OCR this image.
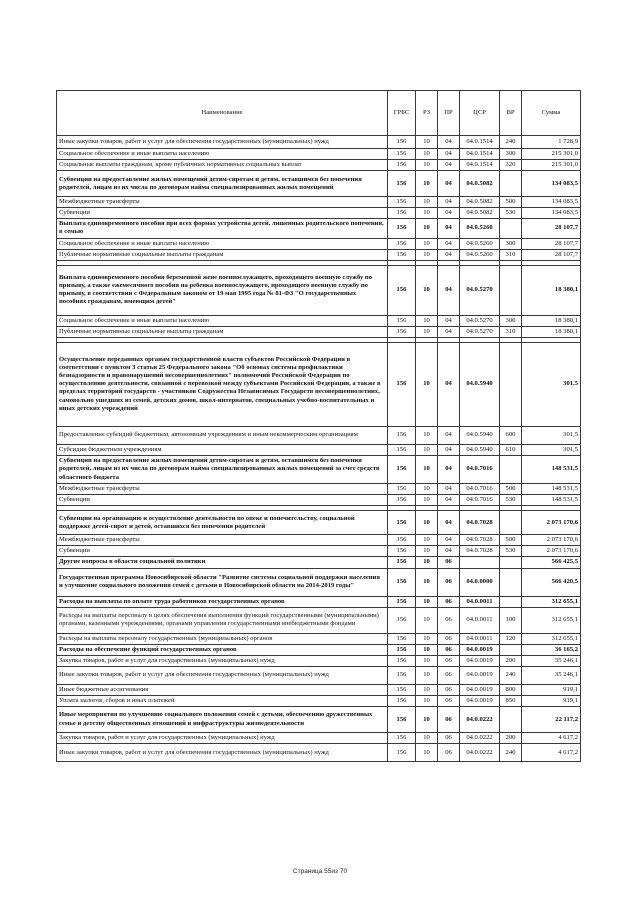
Наименование	ГРБС	РЗ	ПР	ЦСР	ВР	Сумма
Иные закупки товаров, работ и услуг для обеспечения государственных (муниципальных) нужд	156	10	04	04.0.1514	240	1 728,9
Социальное обеспечение и иные выплаты населению	156	10	04	04.0.1514	300	215 301,0
Социальные выплаты гражданам, кроме публичных нормативных социальных выплат	156	10	04	04.0.1514	320	215 301,0
Субвенции на предоставление жилых помещений детям-сиротам и детям, оставшимся без попечения родителей, лицам из их числа по договорам найма специализированных жилых помещений	156	10	04	04.0.5082		134 083,5
Межбюджетные трансферты	156	10	04	04.0.5082	500	134 083,5
Субвенции	156	10	04	04.0.5082	530	134 083,5
Выплата единовременного пособия при всех формах устройства детей, лишенных родительского попечения, в семью	156	10	04	04.0.5260		28 107,7
Социальное обеспечение и иные выплаты населению	156	10	04	04.0.5260	300	28 107,7
Публичные нормативные социальные выплаты гражданам	156	10	04	04.0.5260	310	28 107,7

Выплата единовременного пособия беременной жене военнослужащего, проходящего военную службу по призыву, а также ежемесячного пособия на ребенка военнослужащего, проходящего военную службу по призыву, в соответствии с Федеральным законом от 19 мая 1995 года № 81-ФЗ "О государственных пособиях гражданам, имеющим детей"	156	10	04	04.0.5270		18 380,1
Социальное обеспечение и иные выплаты населению	156	10	04	04.0.5270	300	18 380,1
Публичные нормативные социальные выплаты гражданам	156	10	04	04.0.5270	310	18 380,1

Осуществление переданных органам государственной власти субъектов Российской Федерации в соответствии с пунктом 3 статьи 25 Федерального закона "Об основах системы профилактики безнадзорности и правонарушений несовершеннолетних" полномочий Российской Федерации по осуществлению деятельности, связанной с перевозкой между субъектами Российской Федерации, а также в пределах территорий государств - участников Содружества Независимых Государств несовершеннолетних, самовольно ушедших из семей, детских домов, школ-интернатов, специальных учебно-воспитательных и иных детских учреждений	156	10	04	04.0.5940		301,5
Предоставление субсидий бюджетным, автономным учреждениям и иным некоммерческим организациям	156	10	04	04.0.5940	600	301,5
Субсидии бюджетным учреждениям	156	10	04	04.0.5940	610	301,5
Субвенции на предоставление жилых помещений детям-сиротам и детям, оставшимся без попечения родителей, лицам из их числа по договорам найма специализированных жилых помещений за счет средств областного бюджета	156	10	04	04.0.7016		148 531,5
Межбюджетные трансферты	156	10	04	04.0.7016	500	148 531,5
Субвенции	156	10	04	04.0.7016	530	148 531,5

Субвенции на организацию и осуществление деятельности по опеке и попечительству, социальной поддержке детей-сирот и детей, оставшихся без попечения родителей	156	10	04	04.0.7028		2 073 170,6
Межбюджетные трансферты	156	10	04	04.0.7028	500	2 073 170,6
Субвенции	156	10	04	04.0.7028	530	2 073 170,6
Другие вопросы в области социальной политики	156	10	06			566 425,5
Государственная программа Новосибирской области "Развитие системы социальной поддержки населения и улучшение социального положения семей с детьми в Новосибирской области на 2014-2019 годы"	156	10	06	04.0.0000		566 420,5
Расходы на выплаты по оплате труда работников государственных органов	156	10	06	04.0.0011		312 655,1
Расходы на выплаты персоналу в целях обеспечения выполнения функций государственными (муниципальными) органами, казенными учреждениями, органами управления государственными внебюджетными фондами	156	10	06	04.0.0011	100	312 655,1
Расходы на выплаты персоналу государственных (муниципальных) органов	156	10	06	04.0.0011	120	312 655,1
Расходы на обеспечение функций государственных органов	156	10	06	04.0.0019		36 165,2
Закупка товаров, работ и услуг для государственных (муниципальных) нужд	156	10	06	04.0.0019	200	35 246,1
Иные закупки товаров, работ и услуг для обеспечения государственных (муниципальных) нужд	156	10	06	04.0.0019	240	35 246,1
Иные бюджетные ассигнования	156	10	06	04.0.0019	800	919,1
Уплата налогов, сборов и иных платежей	156	10	06	04.0.0019	850	919,1
Иные мероприятия по улучшению социального положения семей с детьми, обеспечению дружественных семье и детству общественных отношений и инфраструктуры жизнедеятельности	156	10	06	04.0.0222		22 117,2
Закупка товаров, работ и услуг для государственных (муниципальных) нужд	156	10	06	04.0.0222	200	4 617,2
Иные закупки товаров, работ и услуг для обеспечения государственных (муниципальных) нужд	156	10	06	04.0.0222	240	4 617,2
Страница 55из 70
